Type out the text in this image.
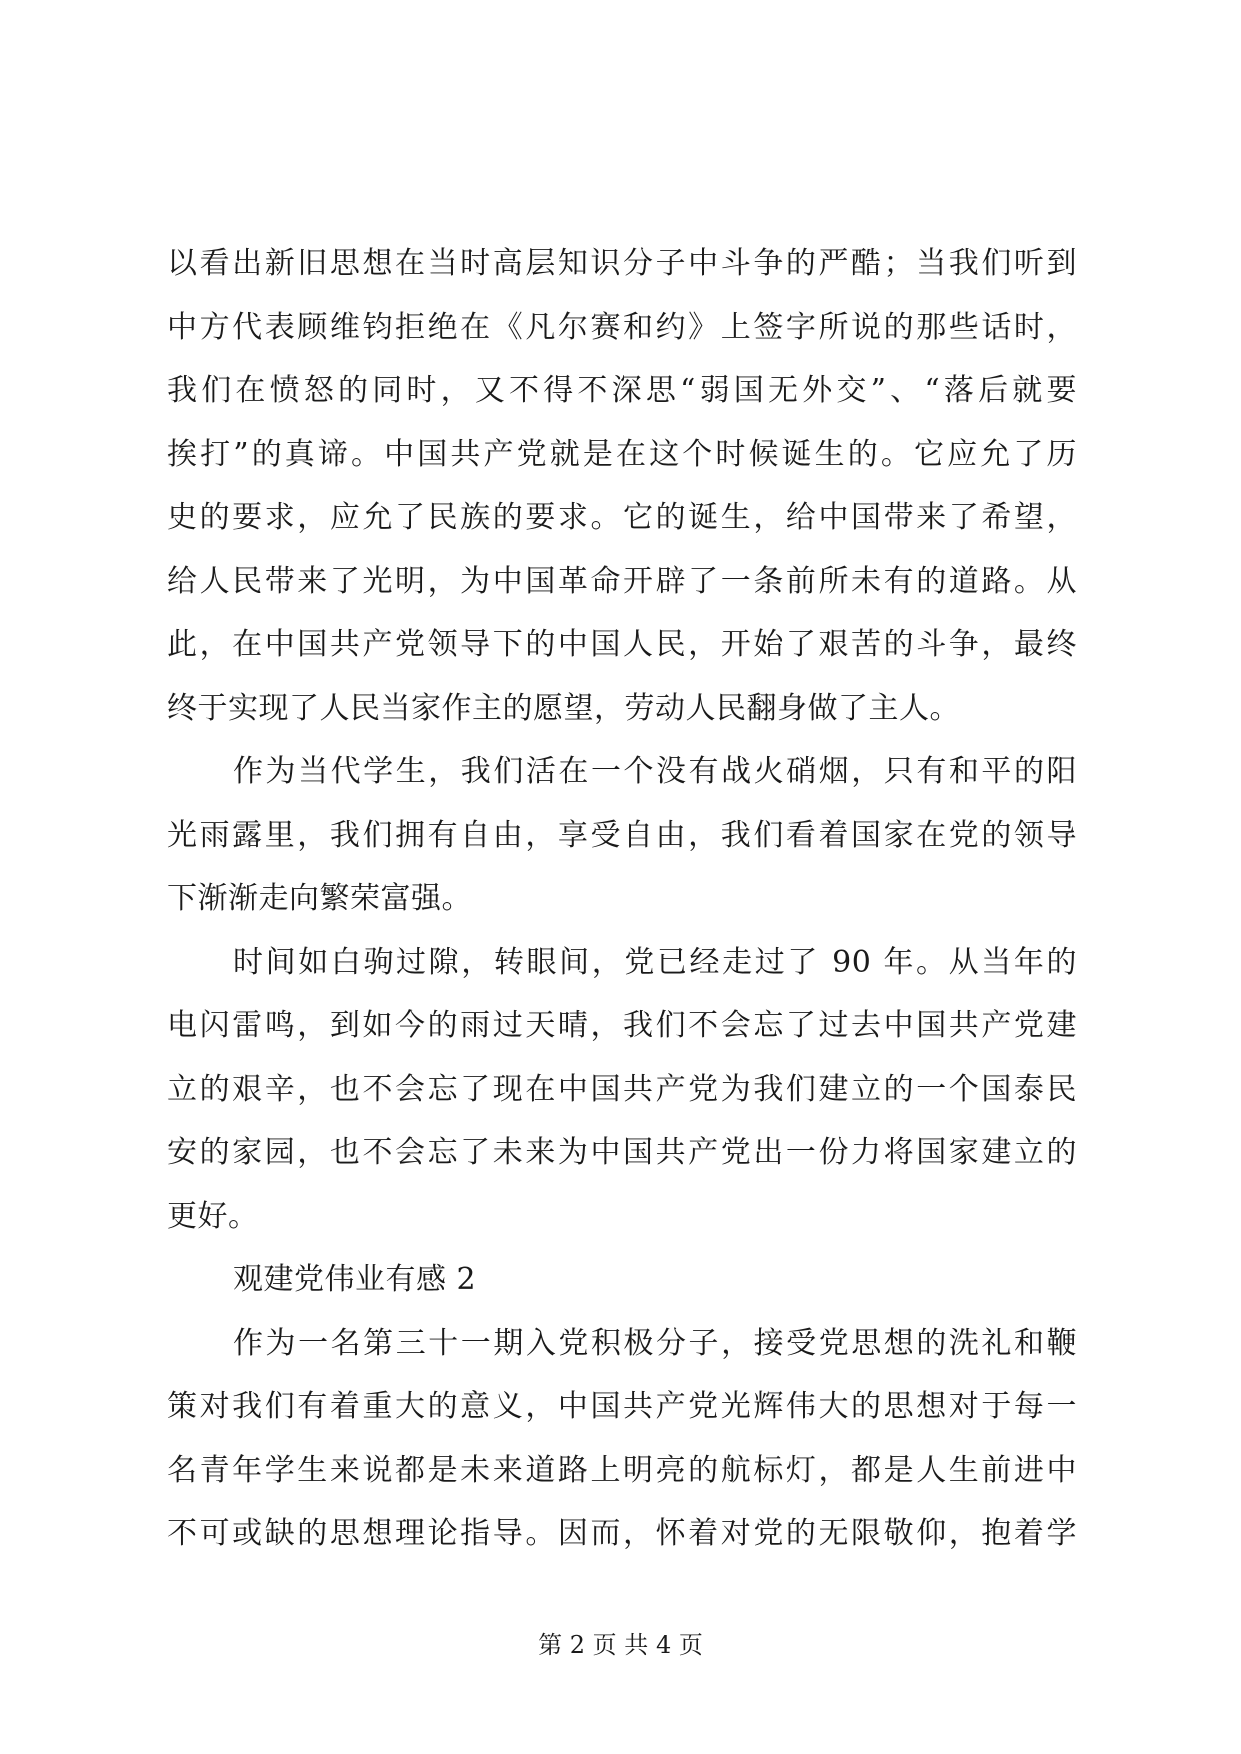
以看出新旧思想在当时高层知识分子中斗争的严酷；当我们听到
中方代表顾维钧拒绝在《凡尔赛和约》上签字所说的那些话时，
我们在愤怒的同时，又不得不深思“弱国无外交”、“落后就要
挨打”的真谛。中国共产党就是在这个时候诞生的。它应允了历
史的要求，应允了民族的要求。它的诞生，给中国带来了希望，
给人民带来了光明，为中国革命开辟了一条前所未有的道路。从
此，在中国共产党领导下的中国人民，开始了艰苦的斗争，最终
终于实现了人民当家作主的愿望，劳动人民翻身做了主人。
作为当代学生，我们活在一个没有战火硝烟，只有和平的阳
光雨露里，我们拥有自由，享受自由，我们看着国家在党的领导
下渐渐走向繁荣富强。
时间如白驹过隙，转眼间，党已经走过了 90 年。从当年的
电闪雷鸣，到如今的雨过天晴，我们不会忘了过去中国共产党建
立的艰辛，也不会忘了现在中国共产党为我们建立的一个国泰民
安的家园，也不会忘了未来为中国共产党出一份力将国家建立的
更好。
观建党伟业有感 2
作为一名第三十一期入党积极分子，接受党思想的洗礼和鞭
策对我们有着重大的意义，中国共产党光辉伟大的思想对于每一
名青年学生来说都是未来道路上明亮的航标灯，都是人生前进中
不可或缺的思想理论指导。因而，怀着对党的无限敬仰，抱着学
第 2 页 共 4 页
